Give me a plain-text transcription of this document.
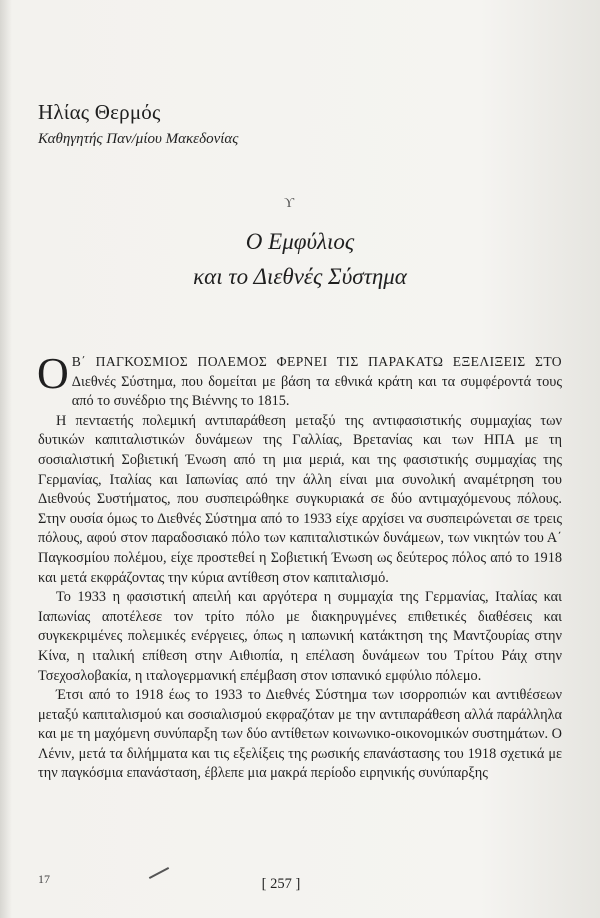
Ηλίας Θερμός
Καθηγητής Παν/μίου Μακεδονίας
ϒ
Ο Εμφύλιος
και το Διεθνές Σύστημα

Ο Β΄ ΠΑΓΚΟΣΜΙΟΣ ΠΟΛΕΜΟΣ ΦΕΡΝΕΙ ΤΙΣ ΠΑΡΑΚΑΤΩ ΕΞΕΛΙΞΕΙΣ ΣΤΟ Διεθνές Σύστημα, που δομείται με βάση τα εθνικά κράτη και τα συμφέροντά τους από το συνέδριο της Βιέννης το 1815.

Η πενταετής πολεμική αντιπαράθεση μεταξύ της αντιφασιστικής συμμαχίας των δυτικών καπιταλιστικών δυνάμεων της Γαλλίας, Βρετανίας και των ΗΠΑ με τη σοσιαλιστική Σοβιετική Ένωση από τη μια μεριά, και της φασιστικής συμμαχίας της Γερμανίας, Ιταλίας και Ιαπωνίας από την άλλη είναι μια συνολική αναμέτρηση του Διεθνούς Συστήματος, που συσπειρώθηκε συγκυριακά σε δύο αντιμαχόμενους πόλους. Στην ουσία όμως το Διεθνές Σύστημα από το 1933 είχε αρχίσει να συσπειρώνεται σε τρεις πόλους, αφού στον παραδοσιακό πόλο των καπιταλιστικών δυνάμεων, των νικητών του Α΄ Παγκοσμίου πολέμου, είχε προστεθεί η Σοβιετική Ένωση ως δεύτερος πόλος από το 1918 και μετά εκφράζοντας την κύρια αντίθεση στον καπιταλισμό.

Το 1933 η φασιστική απειλή και αργότερα η συμμαχία της Γερμανίας, Ιταλίας και Ιαπωνίας αποτέλεσε τον τρίτο πόλο με διακηρυγμένες επιθετικές διαθέσεις και συγκεκριμένες πολεμικές ενέργειες, όπως η ιαπωνική κατάκτηση της Μαντζουρίας στην Κίνα, η ιταλική επίθεση στην Αιθιοπία, η επέλαση δυνάμεων του Τρίτου Ράιχ στην Τσεχοσλοβακία, η ιταλογερμανική επέμβαση στον ισπανικό εμφύλιο πόλεμο.

Έτσι από το 1918 έως το 1933 το Διεθνές Σύστημα των ισορροπιών και αντιθέσεων μεταξύ καπιταλισμού και σοσιαλισμού εκφραζόταν με την αντιπαράθεση αλλά παράλληλα και με τη μαχόμενη συνύπαρξη των δύο αντίθετων κοινωνικο-οικονομικών συστημάτων. Ο Λένιν, μετά τα διλήμματα και τις εξελίξεις της ρωσικής επανάστασης του 1918 σχετικά με την παγκόσμια επανάσταση, έβλεπε μια μακρά περίοδο ειρηνικής συνύπαρξης

17	[ 257 ]
